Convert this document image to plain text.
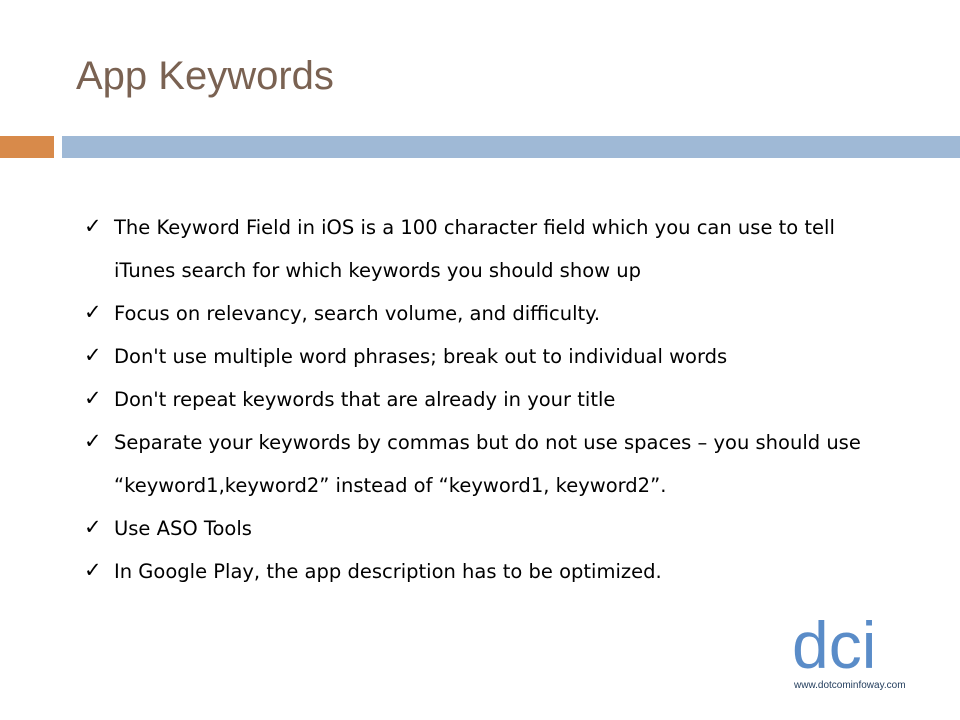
App Keywords
✓ The Keyword Field in iOS is a 100 character field which you can use to tell iTunes search for which keywords you should show up
✓ Focus on relevancy, search volume, and difficulty.
✓ Don't use multiple word phrases; break out to individual words
✓ Don't repeat keywords that are already in your title
✓ Separate your keywords by commas but do not use spaces – you should use “keyword1,keyword2” instead of “keyword1, keyword2”.
✓ Use ASO Tools
✓ In Google Play, the app description has to be optimized.
dci
www.dotcominfoway.com
